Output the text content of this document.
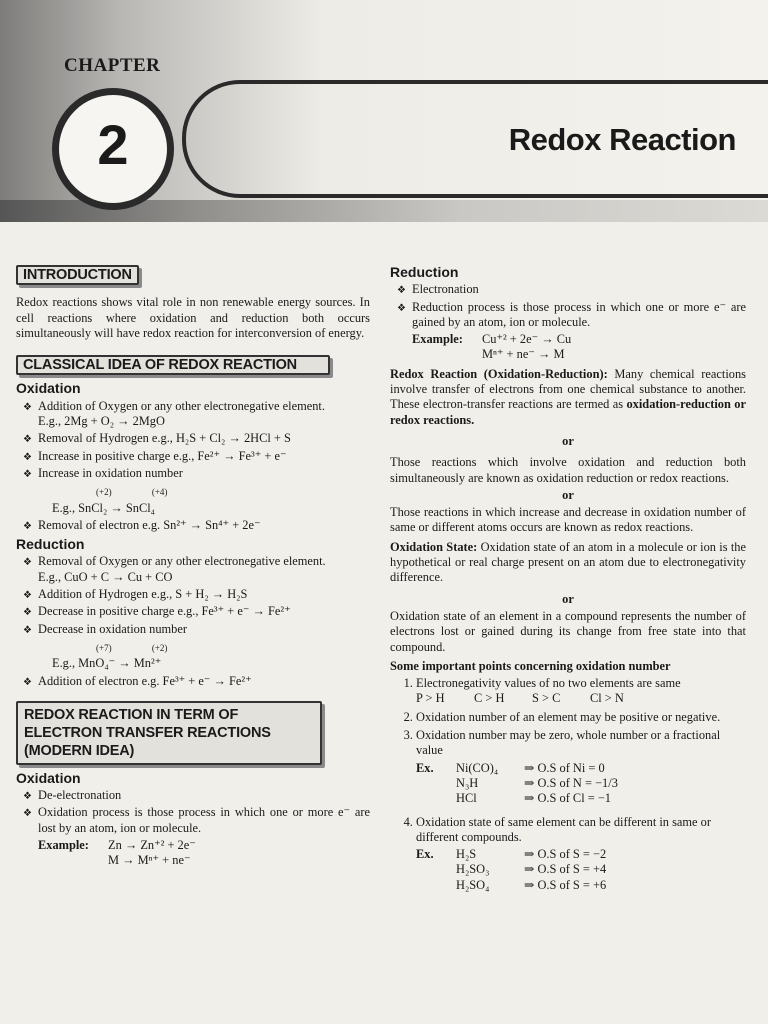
CHAPTER
2	Redox Reaction
INTRODUCTION

Redox reactions shows vital role in non renewable energy sources. In cell reactions where oxidation and reduction both occurs simultaneously will have redox reaction for interconversion of energy.

CLASSICAL IDEA OF REDOX REACTION
Oxidation
❖ Addition of Oxygen or any other electronegative element.
E.g., 2Mg + O₂ → 2MgO
❖ Removal of Hydrogen e.g., H₂S + Cl₂ → 2HCl + S
❖ Increase in positive charge e.g., Fe²⁺ → Fe³⁺ + e⁻
❖ Increase in oxidation number
(+2) (+4)
E.g., SnCl₂ → SnCl₄
❖ Removal of electron e.g. Sn²⁺ → Sn⁴⁺ + 2e⁻
Reduction
❖ Removal of Oxygen or any other electronegative element.
E.g., CuO + C → Cu + CO
❖ Addition of Hydrogen e.g., S + H₂ → H₂S
❖ Decrease in positive charge e.g., Fe³⁺ + e⁻ → Fe²⁺
❖ Decrease in oxidation number
(+7) (+2)
E.g., MnO₄⁻ → Mn²⁺
❖ Addition of electron e.g. Fe³⁺ + e⁻ → Fe²⁺
REDOX REACTION IN TERM OF ELECTRON TRANSFER REACTIONS (MODERN IDEA)
Oxidation
❖ De-electronation
❖ Oxidation process is those process in which one or more e⁻ are lost by an atom, ion or molecule.
Example:	Zn → Zn⁺² + 2e⁻
M → Mⁿ⁺ + ne⁻
Reduction
❖ Electronation
❖ Reduction process is those process in which one or more e⁻ are gained by an atom, ion or molecule.
Example:	Cu⁺² + 2e⁻ → Cu
Mⁿ⁺ + ne⁻ → M

Redox Reaction (Oxidation-Reduction): Many chemical reactions involve transfer of electrons from one chemical substance to another. These electron-transfer reactions are termed as oxidation-reduction or redox reactions.

or

Those reactions which involve oxidation and reduction both simultaneously are known as oxidation reduction or redox reactions.

or

Those reactions in which increase and decrease in oxidation number of same or different atoms occurs are known as redox reactions.

Oxidation State: Oxidation state of an atom in a molecule or ion is the hypothetical or real charge present on an atom due to electronegativity difference.

or

Oxidation state of an element in a compound represents the number of electrons lost or gained during its change from free state into that compound.

Some important points concerning oxidation number
1. Electronegativity values of no two elements are same
P > H	C > H	S > C	Cl > N
2. Oxidation number of an element may be positive or negative.
3. Oxidation number may be zero, whole number or a fractional value
Ex.	Ni(CO)₄	⇒ O.S of Ni = 0
N₃H	⇒ O.S of N = −1/3
HCl	⇒ O.S of Cl = −1
4. Oxidation state of same element can be different in same or different compounds.
Ex.	H₂S	⇒ O.S of S = −2
H₂SO₃	⇒ O.S of S = +4
H₂SO₄	⇒ O.S of S = +6
